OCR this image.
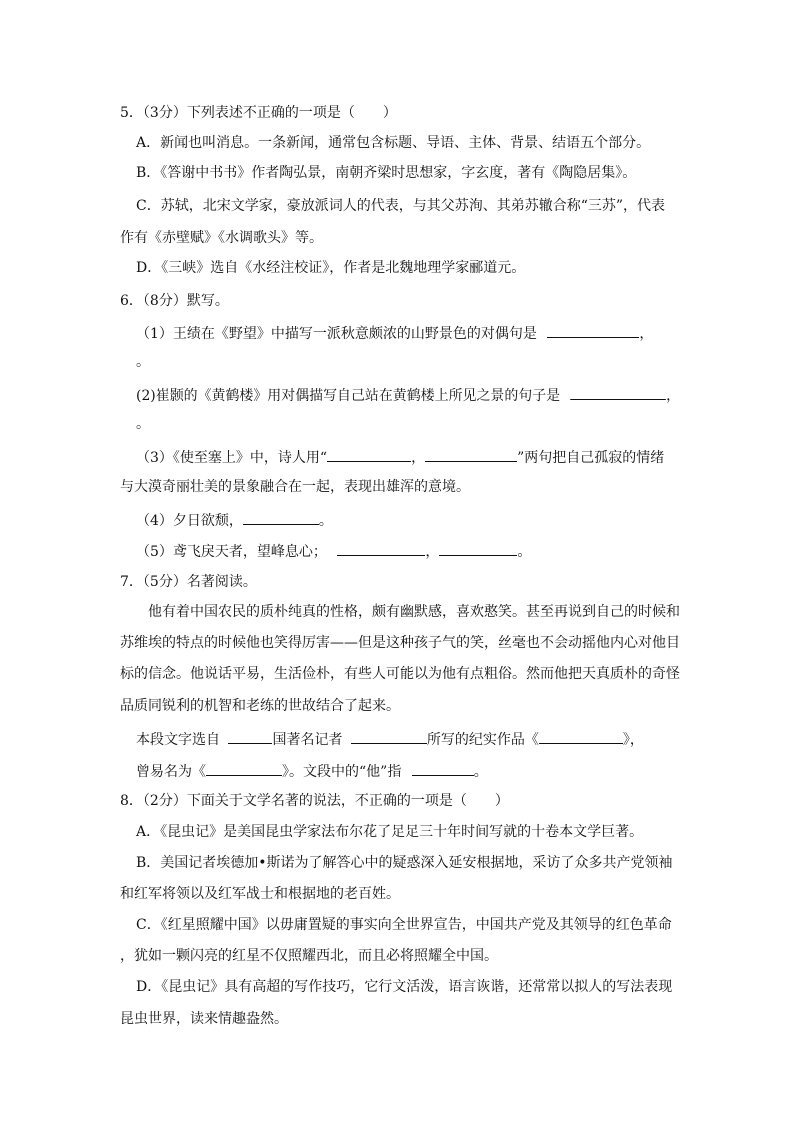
5．（3分）下列表述不正确的一项是（　　）
A．新闻也叫消息。一条新闻，通常包含标题、导语、主体、背景、结语五个部分。
B．《答谢中书书》作者陶弘景，南朝齐梁时思想家，字玄度，著有《陶隐居集》。
C．苏轼，北宋文学家，豪放派词人的代表，与其父苏洵、其弟苏辙合称“三苏”，代表
作有《赤壁赋》《水调歌头》等。
D．《三峡》选自《水经注校证》，作者是北魏地理学家郦道元。
6．（8分）默写。
（1）王绩在《野望》中描写一派秋意颇浓的山野景色的对偶句是	，
。
(2)崔颢的《黄鹤楼》用对偶描写自己站在黄鹤楼上所见之景的句子是	，
。
（3）《使至塞上》中，诗人用“	，	”两句把自己孤寂的情绪
与大漠奇丽壮美的景象融合在一起，表现出雄浑的意境。
（4）夕日欲颓，	。
（5）鸢飞戾天者，望峰息心；	，	。
7．（5分）名著阅读。
他有着中国农民的质朴纯真的性格，颇有幽默感，喜欢憨笑。甚至再说到自己的时候和
苏维埃的特点的时候他也笑得厉害——但是这种孩子气的笑，丝毫也不会动摇他内心对他目
标的信念。他说话平易，生活俭朴，有些人可能以为他有点粗俗。然而他把天真质朴的奇怪
品质同锐利的机智和老练的世故结合了起来。
本段文字选自	国著名记者	所写的纪实作品《	》，
曾易名为《	》。文段中的“他”指	。
8．（2分）下面关于文学名著的说法，不正确的一项是（　　）
A．《昆虫记》是美国昆虫学家法布尔花了足足三十年时间写就的十卷本文学巨著。
B．美国记者埃德加•斯诺为了解答心中的疑惑深入延安根据地，采访了众多共产党领袖
和红军将领以及红军战士和根据地的老百姓。
C．《红星照耀中国》以毋庸置疑的事实向全世界宣告，中国共产党及其领导的红色革命
，犹如一颗闪亮的红星不仅照耀西北，而且必将照耀全中国。
D．《昆虫记》具有高超的写作技巧，它行文活泼，语言诙谐，还常常以拟人的写法表现
昆虫世界，读来情趣盎然。
